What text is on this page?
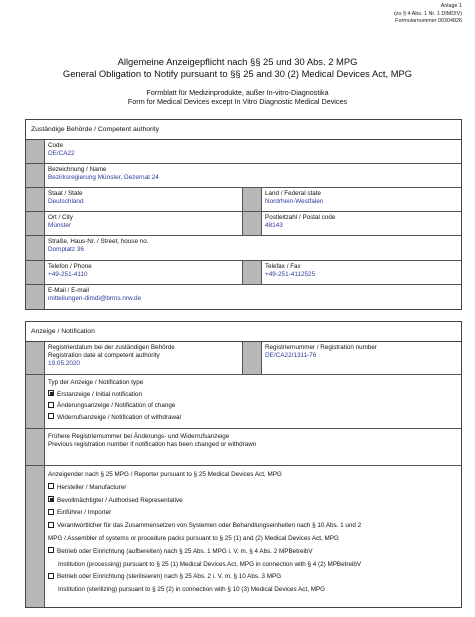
Anlage 1
(zu § 4 Abs. 1 Nr. 1 DIMDIV)
Formularnummer 00304826
Allgemeine Anzeigepflicht nach §§ 25 und 30 Abs. 2 MPG
General Obligation to Notify pursuant to §§ 25 and 30 (2) Medical Devices Act, MPG
Formblatt für Medizinprodukte, außer In-vitro-Diagnostika
Form for Medical Devices except In Vitro Diagnostic Medical Devices
Zuständige Behörde / Competent authority
Code
DE/CA22
Bezeichnung / Name
Bezirksregierung Münster, Dezernat 24
Staat / State
Deutschland
Land / Federal state
Nordrhein-Westfalen
Ort / City
Münster
Postleitzahl / Postal code
48143
Straße, Haus-Nr. / Street, house no.
Domplatz 36
Telefon / Phone
+49-251-4110
Telefax / Fax
+49-251-4112525
E-Mail / E-mail
mitteilungen-dimdi@brms.nrw.de
Anzeige / Notification
Registrierdatum bei der zuständigen Behörde
Registration date at competent authority
19.05.2020
Registriernummer / Registration number
DE/CA22/1311-76
Typ der Anzeige / Notification type
Erstanzeige / Initial notification
Änderungsanzeige / Notification of change
Widerrufsanzeige / Notification of withdrawal
Frühere Registriernummer bei Änderungs- und Widerrufsanzeige
Previous registration number if notification has been changed or withdrawn
Anzeigender nach § 25 MPG / Reporter pursuant to § 25 Medical Devices Act, MPG
Hersteller / Manufacturer
Bevollmächtigter / Authorised Representative
Einführer / Importer
Verantwortlicher für das Zusammensetzen von Systemen oder Behandlungseinheiten nach § 10 Abs. 1 und 2
MPG / Assembler of systems or procedure packs pursuant to § 25 (1) and (2) Medical Devices Act, MPG
Betrieb oder Einrichtung (aufbereiten) nach § 25 Abs. 1 MPG i. V. m. § 4 Abs. 2 MPBetreibV
Institution (processing) pursuant to § 25 (1) Medical Devices Act, MPG in connection with § 4 (2) MPBetreibV
Betrieb oder Einrichtung (sterilisieren) nach § 25 Abs. 2 i. V. m. § 10 Abs. 3 MPG
Institution (sterilizing) pursuant to § 25 (2) in connection with § 10 (3) Medical Devices Act, MPG
